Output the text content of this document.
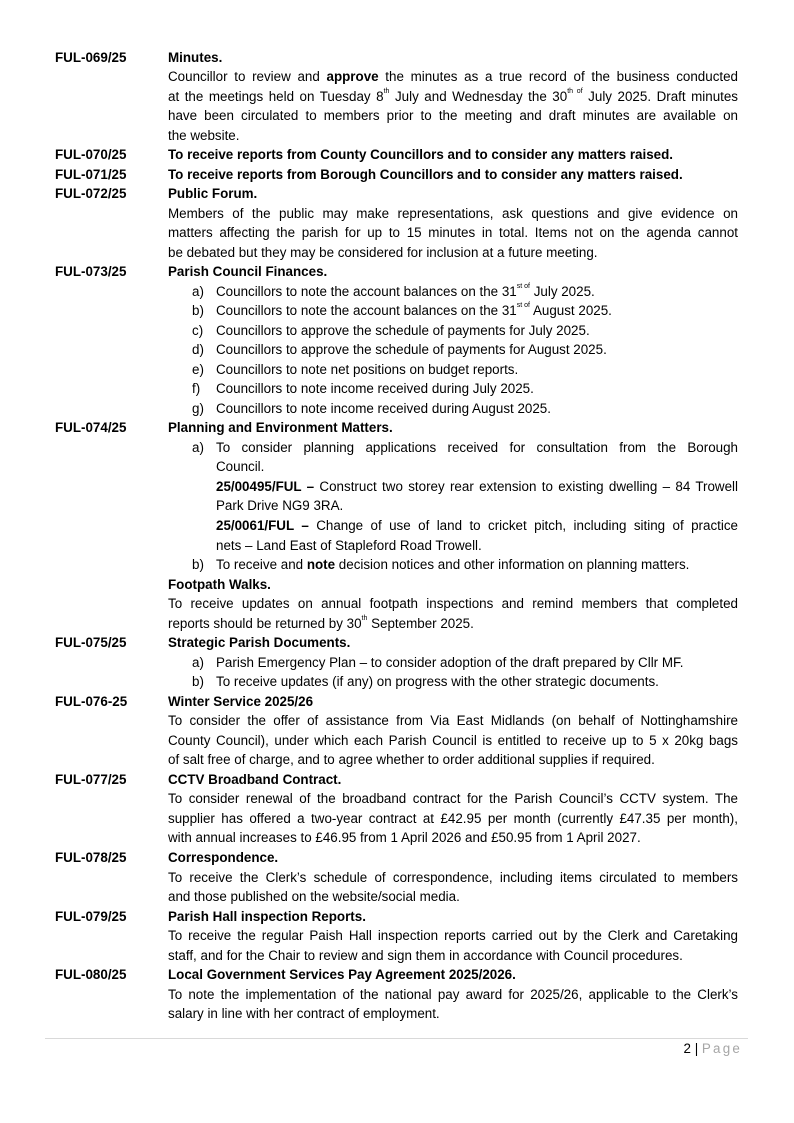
FUL-069/25	Minutes.
Councillor to review and approve the minutes as a true record of the business conducted
at the meetings held on Tuesday 8th July and Wednesday the $30^{th of}$ July 2025. Draft minutes
have been circulated to members prior to the meeting and draft minutes are available on
the website.
FUL-070/25	To receive reports from County Councillors and to consider any matters raised.
FUL-071/25	To receive reports from Borough Councillors and to consider any matters raised.
FUL-072/25	Public Forum.
Members of the public may make representations, ask questions and give evidence on
matters affecting the parish for up to 15 minutes in total. Items not on the agenda cannot
be debated but they may be considered for inclusion at a future meeting.
FUL-073/25	Parish Council Finances.
a) Councillors to note the account balances on the $31^{st of}$ July 2025.
b) Councillors to note the account balances on the $31^{st of}$ August 2025.
c) Councillors to approve the schedule of payments for July 2025.
d) Councillors to approve the schedule of payments for August 2025.
e) Councillors to note net positions on budget reports.
f) Councillors to note income received during July 2025.
g) Councillors to note income received during August 2025.
FUL-074/25	Planning and Environment Matters.
a) To consider planning applications received for consultation from the Borough
Council.
25/00495/FUL – Construct two storey rear extension to existing dwelling – 84 Trowell
Park Drive NG9 3RA.
25/0061/FUL – Change of use of land to cricket pitch, including siting of practice
nets – Land East of Stapleford Road Trowell.
b) To receive and note decision notices and other information on planning matters.
Footpath Walks.
To receive updates on annual footpath inspections and remind members that completed
reports should be returned by 30th September 2025.
FUL-075/25	Strategic Parish Documents.
a) Parish Emergency Plan – to consider adoption of the draft prepared by Cllr MF.
b) To receive updates (if any) on progress with the other strategic documents.
FUL-076-25	Winter Service 2025/26
To consider the offer of assistance from Via East Midlands (on behalf of Nottinghamshire
County Council), under which each Parish Council is entitled to receive up to 5 x 20kg bags
of salt free of charge, and to agree whether to order additional supplies if required.
FUL-077/25	CCTV Broadband Contract.
To consider renewal of the broadband contract for the Parish Council’s CCTV system. The
supplier has offered a two-year contract at £42.95 per month (currently £47.35 per month),
with annual increases to £46.95 from 1 April 2026 and £50.95 from 1 April 2027.
FUL-078/25	Correspondence.
To receive the Clerk’s schedule of correspondence, including items circulated to members
and those published on the website/social media.
FUL-079/25	Parish Hall inspection Reports.
To receive the regular Paish Hall inspection reports carried out by the Clerk and Caretaking
staff, and for the Chair to review and sign them in accordance with Council procedures.
FUL-080/25	Local Government Services Pay Agreement 2025/2026.
To note the implementation of the national pay award for 2025/26, applicable to the Clerk’s
salary in line with her contract of employment.
2 | Page
